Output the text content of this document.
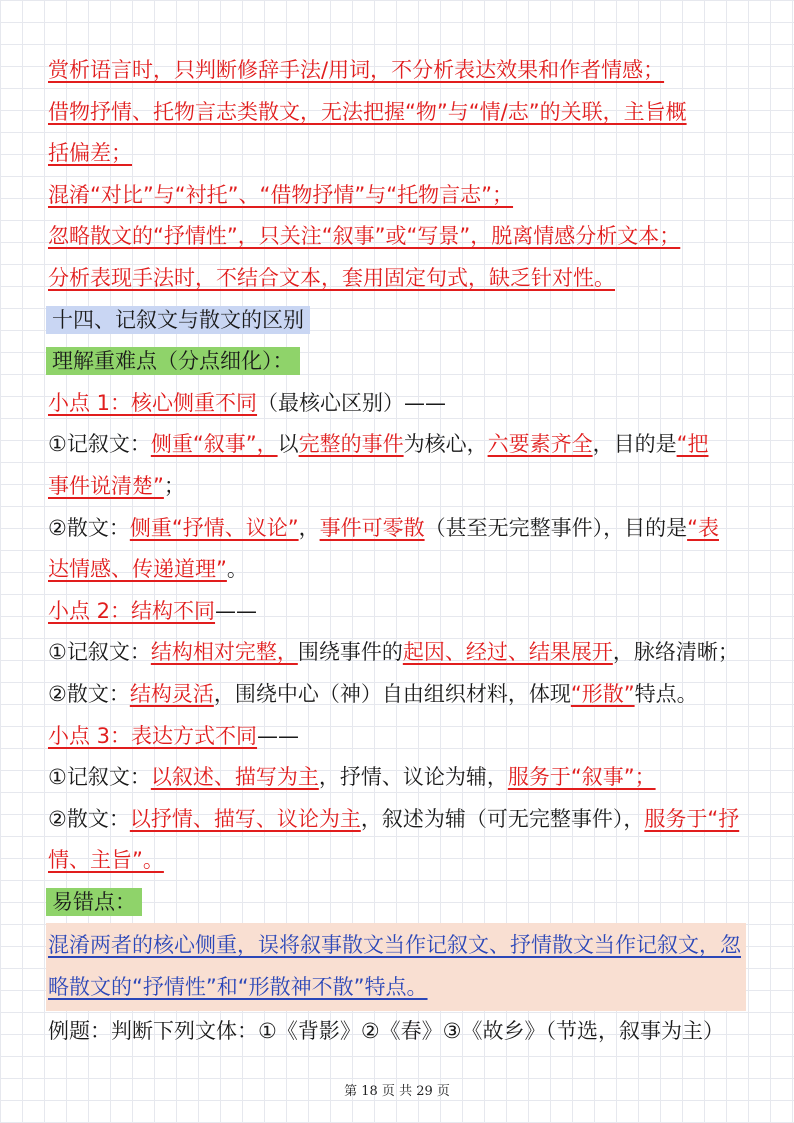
赏析语言时，只判断修辞手法/用词，不分析表达效果和作者情感；
借物抒情、托物言志类散文，无法把握“物”与“情/志”的关联，主旨概
括偏差；
混淆“对比”与“衬托”、“借物抒情”与“托物言志”；
忽略散文的“抒情性”，只关注“叙事”或“写景”，脱离情感分析文本；
分析表现手法时，不结合文本，套用固定句式，缺乏针对性。
十四、记叙文与散文的区别
理解重难点（分点细化）：
小点 1：核心侧重不同（最核心区别）——
①记叙文：侧重“叙事”，以完整的事件为核心，六要素齐全，目的是“把
事件说清楚”；
②散文：侧重“抒情、议论”，事件可零散（甚至无完整事件），目的是“表
达情感、传递道理”。
小点 2：结构不同——
①记叙文：结构相对完整，围绕事件的起因、经过、结果展开，脉络清晰；
②散文：结构灵活，围绕中心（神）自由组织材料，体现“形散”特点。
小点 3：表达方式不同——
①记叙文：以叙述、描写为主，抒情、议论为辅，服务于“叙事”；
②散文：以抒情、描写、议论为主，叙述为辅（可无完整事件），服务于“抒
情、主旨”。
易错点：
混淆两者的核心侧重，误将叙事散文当作记叙文、抒情散文当作记叙文，忽
略散文的“抒情性”和“形散神不散”特点。
例题：判断下列文体：①《背影》②《春》③《故乡》（节选，叙事为主）
第 18 页 共 29 页
